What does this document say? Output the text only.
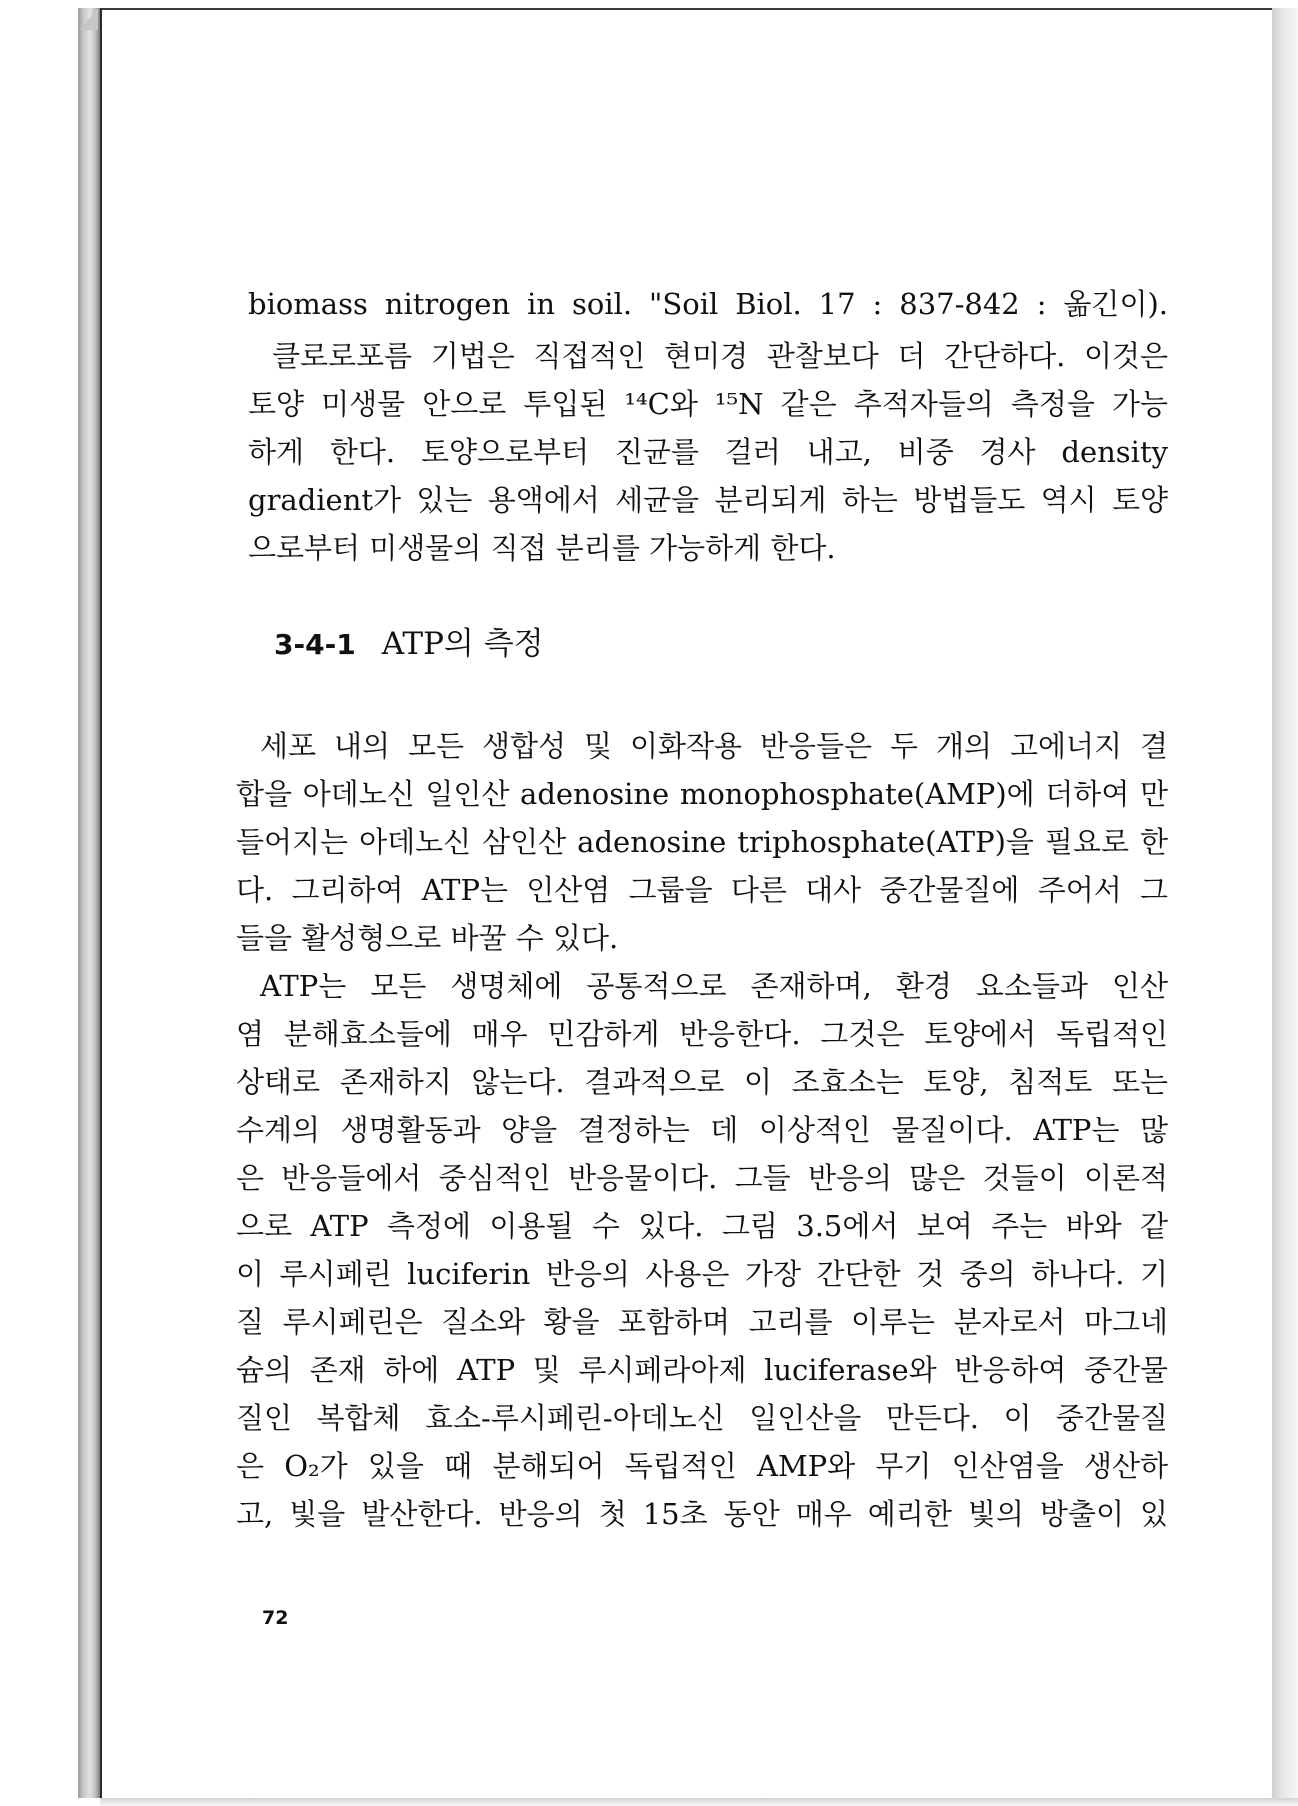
biomass nitrogen in soil. "Soil Biol. 17 : 837-842 : 옮긴이).
클로로포름 기법은 직접적인 현미경 관찰보다 더 간단하다. 이것은
토양 미생물 안으로 투입된 ¹⁴C와 ¹⁵N 같은 추적자들의 측정을 가능
하게 한다. 토양으로부터 진균를 걸러 내고, 비중 경사 density
gradient가 있는 용액에서 세균을 분리되게 하는 방법들도 역시 토양
으로부터 미생물의 직접 분리를 가능하게 한다.
3-4-1 ATP의 측정
세포 내의 모든 생합성 및 이화작용 반응들은 두 개의 고에너지 결
합을 아데노신 일인산 adenosine monophosphate(AMP)에 더하여 만
들어지는 아데노신 삼인산 adenosine triphosphate(ATP)을 필요로 한
다. 그리하여 ATP는 인산염 그룹을 다른 대사 중간물질에 주어서 그
들을 활성형으로 바꿀 수 있다.
ATP는 모든 생명체에 공통적으로 존재하며, 환경 요소들과 인산
염 분해효소들에 매우 민감하게 반응한다. 그것은 토양에서 독립적인
상태로 존재하지 않는다. 결과적으로 이 조효소는 토양, 침적토 또는
수계의 생명활동과 양을 결정하는 데 이상적인 물질이다. ATP는 많
은 반응들에서 중심적인 반응물이다. 그들 반응의 많은 것들이 이론적
으로 ATP 측정에 이용될 수 있다. 그림 3.5에서 보여 주는 바와 같
이 루시페린 luciferin 반응의 사용은 가장 간단한 것 중의 하나다. 기
질 루시페린은 질소와 황을 포함하며 고리를 이루는 분자로서 마그네
슘의 존재 하에 ATP 및 루시페라아제 luciferase와 반응하여 중간물
질인 복합체 효소-루시페린-아데노신 일인산을 만든다. 이 중간물질
은 O₂가 있을 때 분해되어 독립적인 AMP와 무기 인산염을 생산하
고, 빛을 발산한다. 반응의 첫 15초 동안 매우 예리한 빛의 방출이 있
72
